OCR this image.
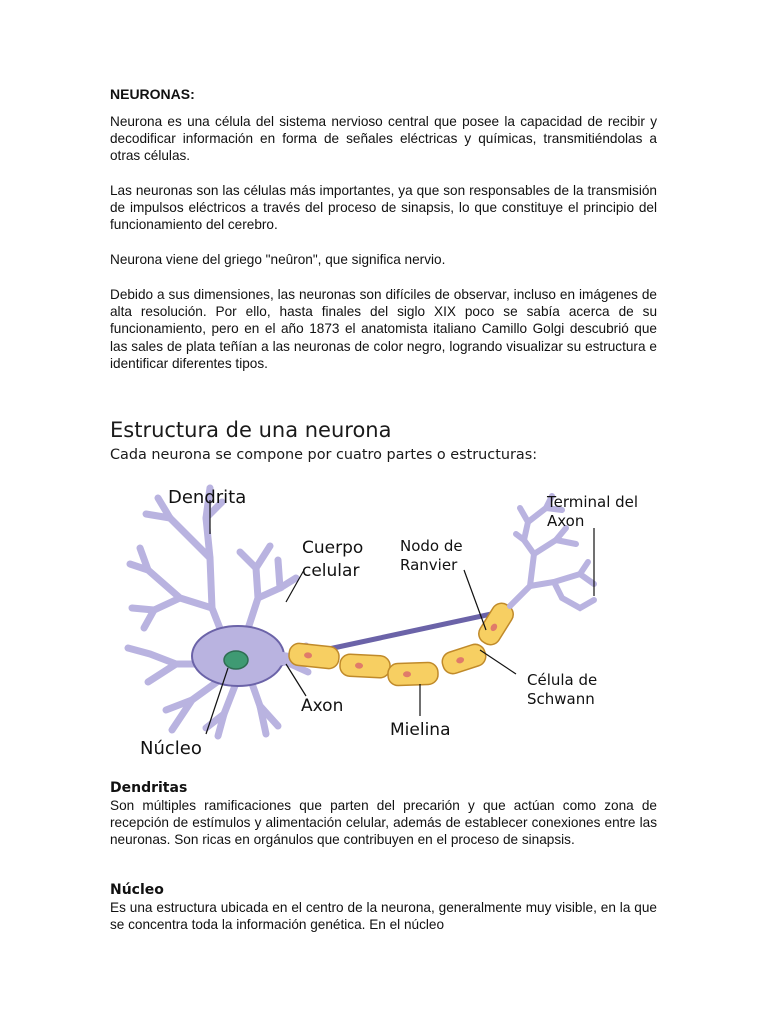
NEURONAS:

Neurona es una célula del sistema nervioso central que posee la capacidad de recibir y decodificar información en forma de señales eléctricas y químicas, transmitiéndolas a otras células.

Las neuronas son las células más importantes, ya que son responsables de la transmisión de impulsos eléctricos a través del proceso de sinapsis, lo que constituye el principio del funcionamiento del cerebro.

Neurona viene del griego "neûron", que significa nervio.

Debido a sus dimensiones, las neuronas son difíciles de observar, incluso en imágenes de alta resolución. Por ello, hasta finales del siglo XIX poco se sabía acerca de su funcionamiento, pero en el año 1873 el anatomista italiano Camillo Golgi descubrió que las sales de plata teñían a las neuronas de color negro, logrando visualizar su estructura e identificar diferentes tipos.

Estructura de una neurona
Cada neurona se compone por cuatro partes o estructuras:
Dendrita
Cuerpo
celular
Nodo de
Ranvier
Terminal del
Axon
Célula de
Schwann
Axon
Mielina
Núcleo
Dendritas

Son múltiples ramificaciones que parten del precarión y que actúan como zona de recepción de estímulos y alimentación celular, además de establecer conexiones entre las neuronas. Son ricas en orgánulos que contribuyen en el proceso de sinapsis.

Núcleo

Es una estructura ubicada en el centro de la neurona, generalmente muy visible, en la que se concentra toda la información genética. En el núcleo
